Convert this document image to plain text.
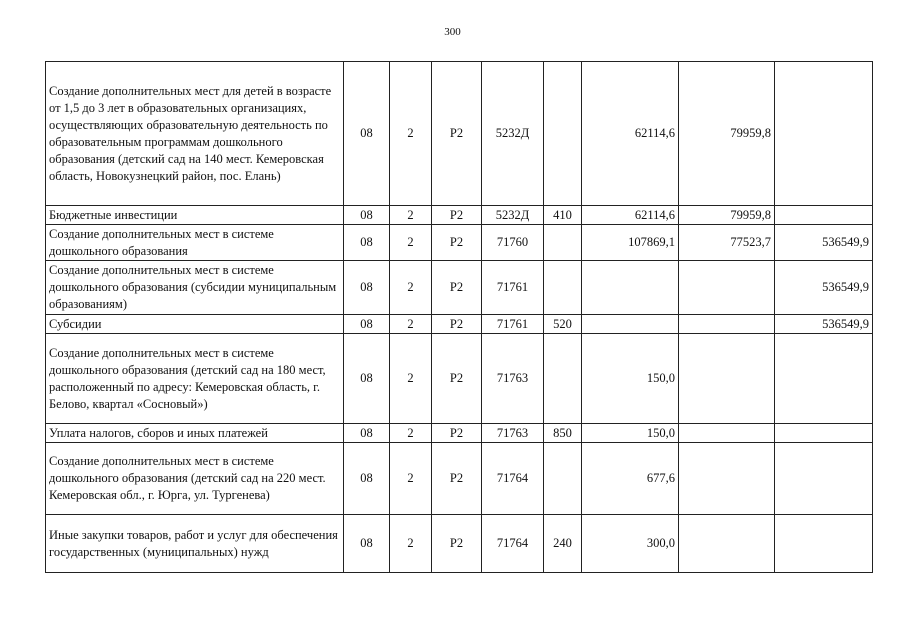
300
Создание дополнительных мест для детей в возрасте от 1,5 до 3 лет в образовательных организациях, осуществляющих образовательную деятельность по образовательным программам дошкольного образования (детский сад на 140 мест. Кемеровская область, Новокузнецкий район, пос. Елань)	08	2	Р2	5232Д		62114,6	79959,8	
Бюджетные инвестиции	08	2	Р2	5232Д	410	62114,6	79959,8	
Создание дополнительных мест в системе дошкольного образования	08	2	Р2	71760		107869,1	77523,7	536549,9
Создание дополнительных мест в системе дошкольного образования (субсидии муниципальным образованиям)	08	2	Р2	71761				536549,9
Субсидии	08	2	Р2	71761	520			536549,9
Создание дополнительных мест в системе дошкольного образования (детский сад на 180 мест, расположенный по адресу: Кемеровская область, г. Белово, квартал «Сосновый»)	08	2	Р2	71763		150,0		
Уплата налогов, сборов и иных платежей	08	2	Р2	71763	850	150,0		
Создание дополнительных мест в системе дошкольного образования (детский сад на 220 мест. Кемеровская обл., г. Юрга, ул. Тургенева)	08	2	Р2	71764		677,6		
Иные закупки товаров, работ и услуг для обеспечения государственных (муниципальных) нужд	08	2	Р2	71764	240	300,0		
